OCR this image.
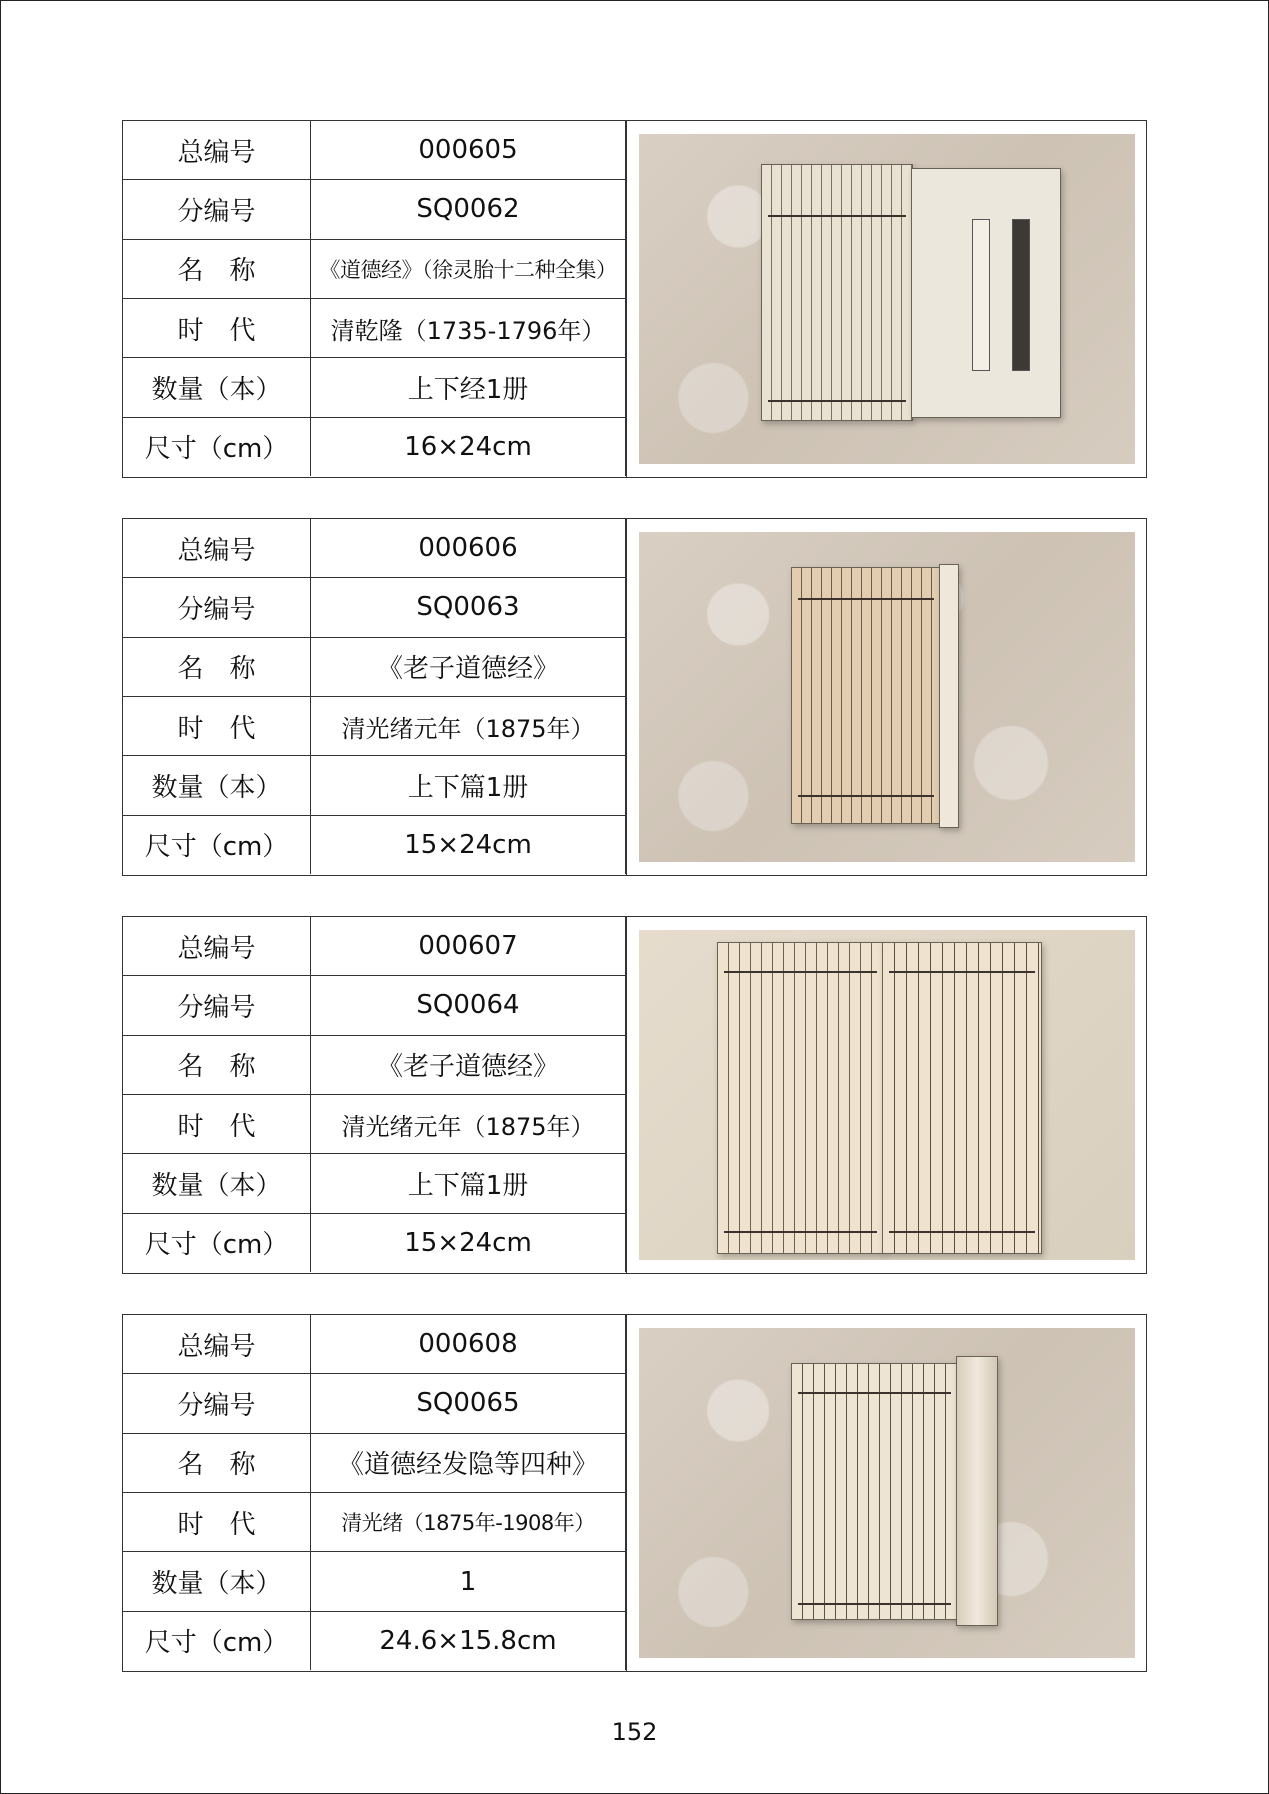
总编号	000605
分编号	SQ0062
名　称	《道德经》（徐灵胎十二种全集）
时　代	清乾隆（1735-1796年）
数量（本）	上下经1册
尺寸（cm）	16×24cm
总编号	000606
分编号	SQ0063
名　称	《老子道德经》
时　代	清光绪元年（1875年）
数量（本）	上下篇1册
尺寸（cm）	15×24cm
总编号	000607
分编号	SQ0064
名　称	《老子道德经》
时　代	清光绪元年（1875年）
数量（本）	上下篇1册
尺寸（cm）	15×24cm
总编号	000608
分编号	SQ0065
名　称	《道德经发隐等四种》
时　代	清光绪（1875年-1908年）
数量（本）	1
尺寸（cm）	24.6×15.8cm
152
